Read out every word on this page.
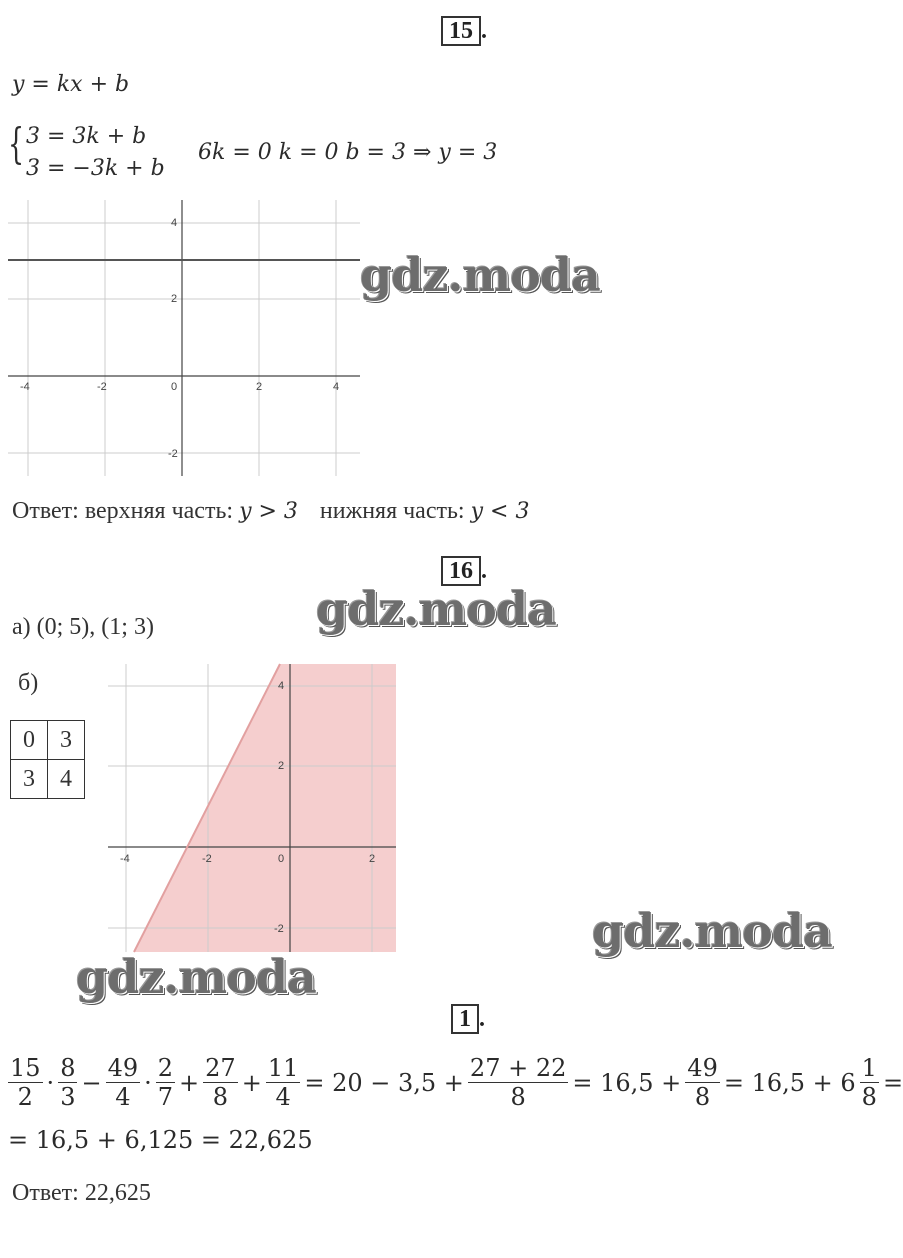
15 .
y = kx + b
{ 3 = 3k + b
3 = −3k + b
6k = 0 k = 0 b = 3 ⇒ y = 3
-4	-2	0	2	4
4
2
-2
gdz.moda
Ответ: верхняя часть: y > 3 нижняя часть: y < 3
16 .
gdz.moda
а) (0; 5), (1; 3)
б)
0	3
3	4
-4	-2	0	2
4
2
-2	gdz.moda
gdz.moda
1 .
$\frac{15}{2} \cdot \frac{8}{3} - \frac{49}{4} \cdot \frac{2}{7} + \frac{27}{8} + \frac{11}{4} = 20 - 3,5 + \frac{27 + 22}{8} = 16,5 + \frac{49}{8} = 16,5 + 6 \frac{1}{8}$ =
= 16,5 + 6,125 = 22,625
Ответ: 22,625
